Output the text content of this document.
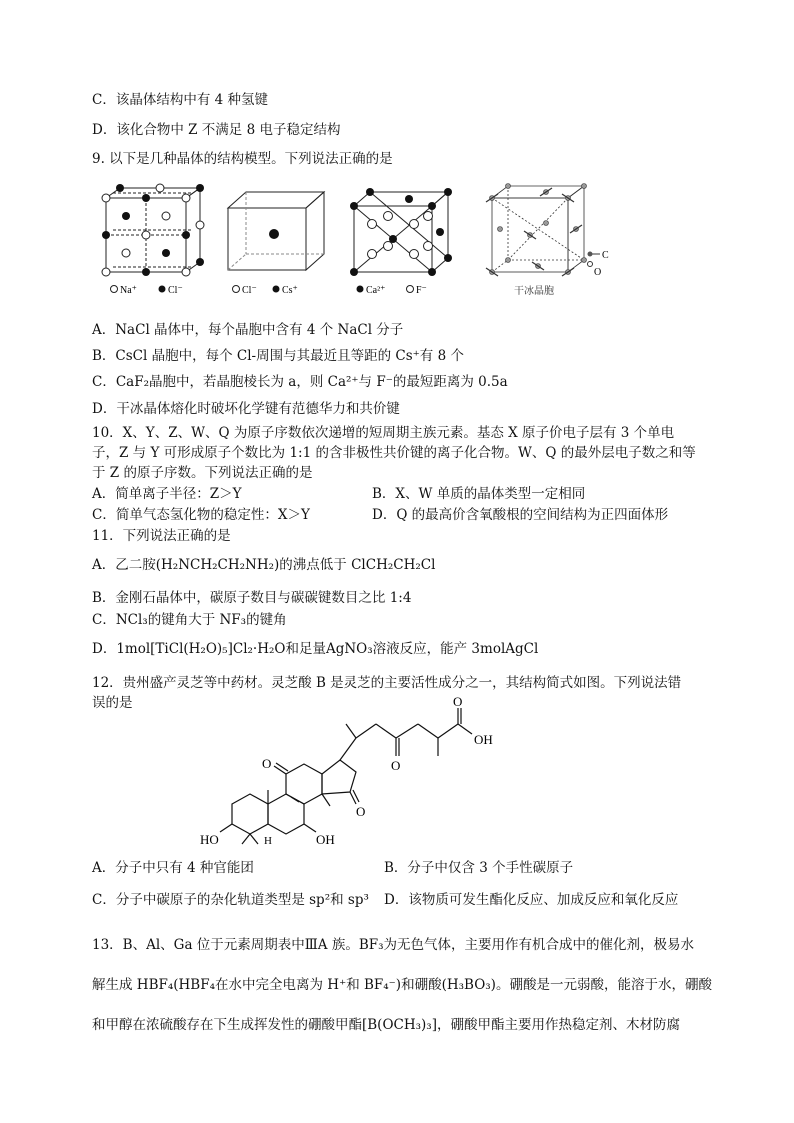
C．该晶体结构中有 4 种氢键
D．该化合物中 Z 不满足 8 电子稳定结构
9. 以下是几种晶体的结构模型。下列说法正确的是
Na⁺	Cl⁻	Cl⁻	Cs⁺	Ca²⁺	F⁻
C
O
干冰晶胞
A．NaCl 晶体中，每个晶胞中含有 4 个 NaCl 分子
B．CsCl 晶胞中，每个 Cl-周围与其最近且等距的 Cs⁺有 8 个
C．CaF₂晶胞中，若晶胞棱长为 a，则 Ca²⁺与 F⁻的最短距离为 0.5a
D．干冰晶体熔化时破坏化学键有范德华力和共价键
10．X、Y、Z、W、Q 为原子序数依次递增的短周期主族元素。基态 X 原子价电子层有 3 个单电
子，Z 与 Y 可形成原子个数比为 1:1 的含非极性共价键的离子化合物。W、Q 的最外层电子数之和等
于 Z 的原子序数。下列说法正确的是
A．简单离子半径：Z＞Y	B．X、W 单质的晶体类型一定相同
C．简单气态氢化物的稳定性：X＞Y	D．Q 的最高价含氧酸根的空间结构为正四面体形
11．下列说法正确的是
A．乙二胺(H₂NCH₂CH₂NH₂)的沸点低于 ClCH₂CH₂Cl
B．金刚石晶体中，碳原子数目与碳碳键数目之比 1:4
C．NCl₃的键角大于 NF₃的键角
D．1mol[TiCl(H₂O)₅]Cl₂·H₂O和足量AgNO₃溶液反应，能产 3molAgCl
12．贵州盛产灵芝等中药材。灵芝酸 B 是灵芝的主要活性成分之一，其结构简式如图。下列说法错
误的是
O
O
O
O
OH
HO	OH
H
A．分子中只有 4 种官能团	B．分子中仅含 3 个手性碳原子
C．分子中碳原子的杂化轨道类型是 sp²和 sp³ D．该物质可发生酯化反应、加成反应和氧化反应
13．B、Al、Ga 位于元素周期表中ⅢA 族。BF₃为无色气体，主要用作有机合成中的催化剂，极易水
解生成 HBF₄(HBF₄在水中完全电离为 H⁺和 BF₄⁻)和硼酸(H₃BO₃)。硼酸是一元弱酸，能溶于水，硼酸
和甲醇在浓硫酸存在下生成挥发性的硼酸甲酯[B(OCH₃)₃]，硼酸甲酯主要用作热稳定剂、木材防腐
